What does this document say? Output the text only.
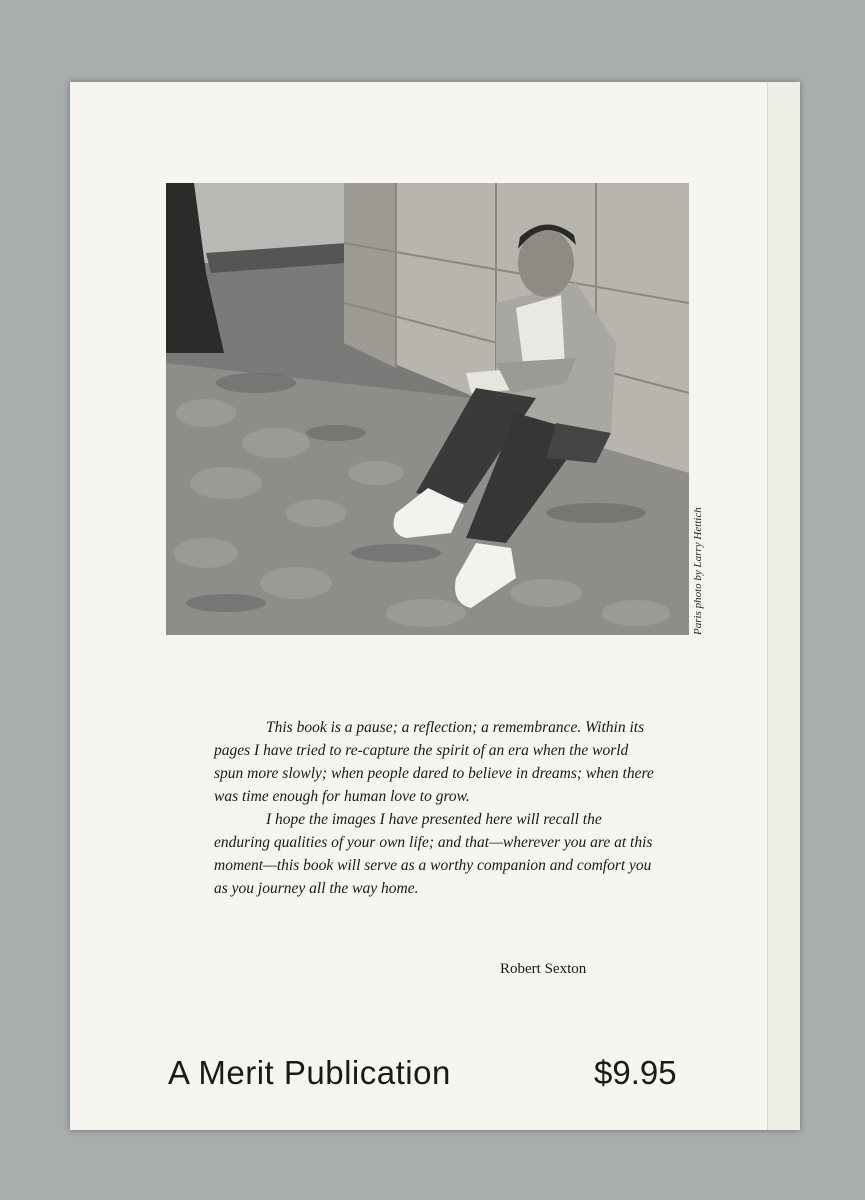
Paris photo by Larry Hettich

This book is a pause; a reflection; a remembrance. Within its pages I have tried to re-capture the spirit of an era when the world spun more slowly; when people dared to believe in dreams; when there was time enough for human love to grow.

I hope the images I have presented here will recall the enduring qualities of your own life; and that—wherever you are at this moment—this book will serve as a worthy companion and comfort you as you journey all the way home.

Robert Sexton
A Merit Publication	$9.95
